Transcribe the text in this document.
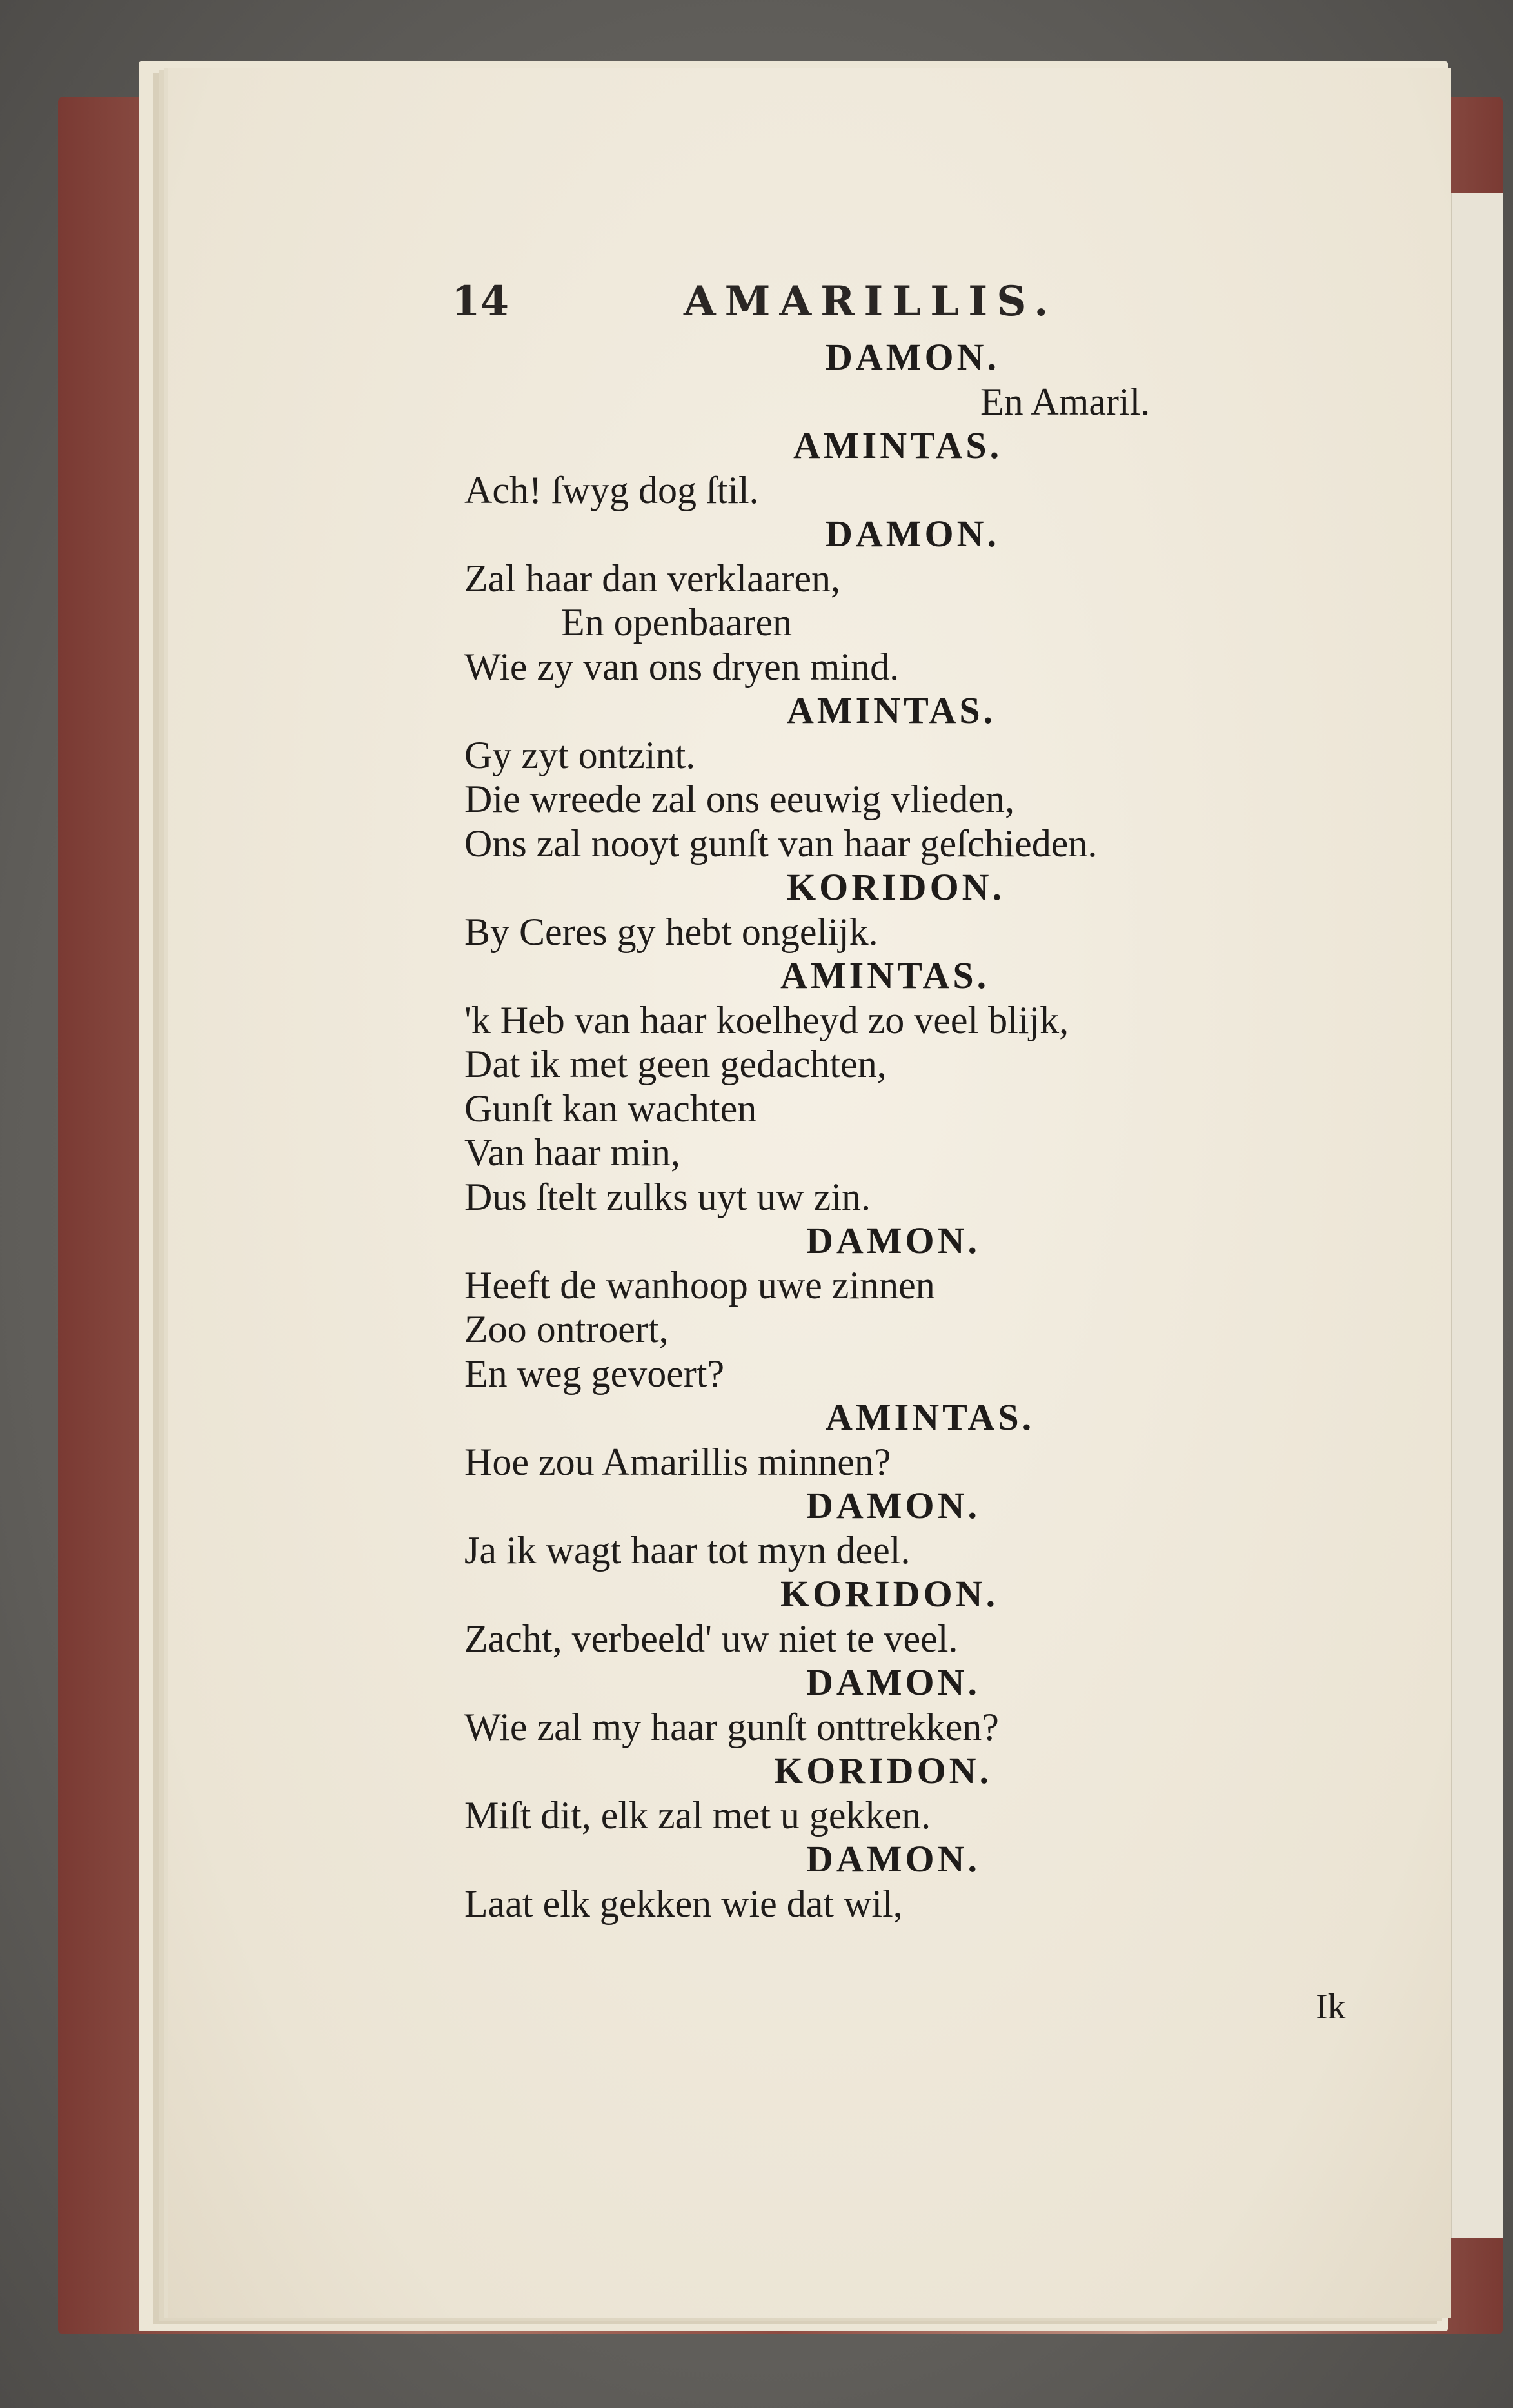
14	AMARILLIS.
DAMON.
En Amaril.
AMINTAS.
Ach! ſwyg dog ſtil.
DAMON.
Zal haar dan verklaaren,
En openbaaren
Wie zy van ons dryen mind.
AMINTAS.
Gy zyt ontzint.
Die wreede zal ons eeuwig vlieden,
Ons zal nooyt gunſt van haar geſchieden.
KORIDON.
By Ceres gy hebt ongelijk.
AMINTAS.
'k Heb van haar koelheyd zo veel blijk,
Dat ik met geen gedachten,
Gunſt kan wachten
Van haar min,
Dus ſtelt zulks uyt uw zin.
DAMON.
Heeft de wanhoop uwe zinnen
Zoo ontroert,
En weg gevoert?
AMINTAS.
Hoe zou Amarillis minnen?
DAMON.
Ja ik wagt haar tot myn deel.
KORIDON.
Zacht, verbeeld' uw niet te veel.
DAMON.
Wie zal my haar gunſt onttrekken?
KORIDON.
Miſt dit, elk zal met u gekken.
DAMON.
Laat elk gekken wie dat wil,
Ik
